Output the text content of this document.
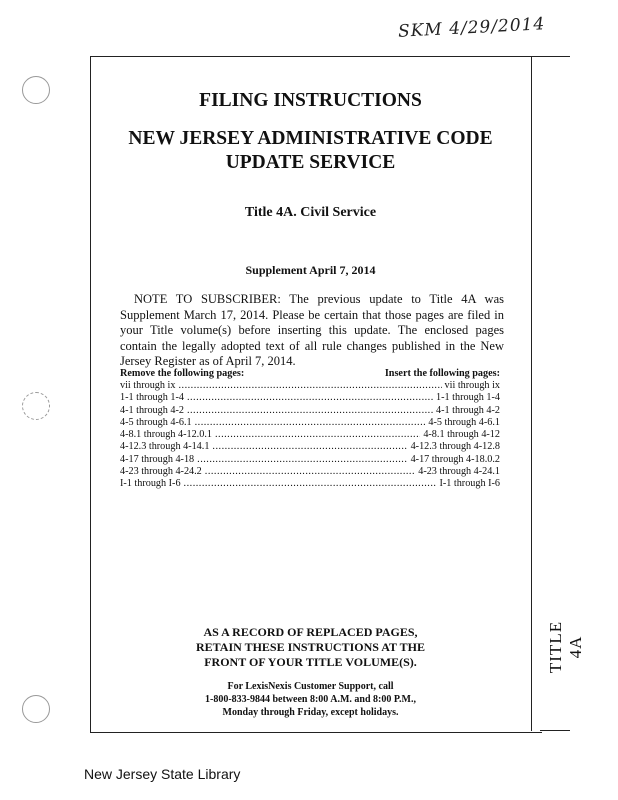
SKM 4/29/2014
TITLE 4A
FILING INSTRUCTIONS
NEW JERSEY ADMINISTRATIVE CODE
UPDATE SERVICE
Title 4A. Civil Service
Supplement April 7, 2014
NOTE TO SUBSCRIBER: The previous update to Title 4A was Supplement March 17, 2014. Please be certain that those pages are filed in your Title volume(s) before inserting this update. The enclosed pages contain the legally adopted text of all rule changes published in the New Jersey Register as of April 7, 2014.
Remove the following pages:	Insert the following pages:
vii through ix .....	vii through ix
1-1 through 1-4 .....	1-1 through 1-4
4-1 through 4-2 .....	4-1 through 4-2
4-5 through 4-6.1 .....	4-5 through 4-6.1
4-8.1 through 4-12.0.1 .....	4-8.1 through 4-12
4-12.3 through 4-14.1 .....	4-12.3 through 4-12.8
4-17 through 4-18 .....	4-17 through 4-18.0.2
4-23 through 4-24.2 .....	4-23 through 4-24.1
I-1 through I-6 .....	I-1 through I-6
AS A RECORD OF REPLACED PAGES,
RETAIN THESE INSTRUCTIONS AT THE
FRONT OF YOUR TITLE VOLUME(S).
For LexisNexis Customer Support, call
1-800-833-9844 between 8:00 A.M. and 8:00 P.M.,
Monday through Friday, except holidays.
New Jersey State Library
